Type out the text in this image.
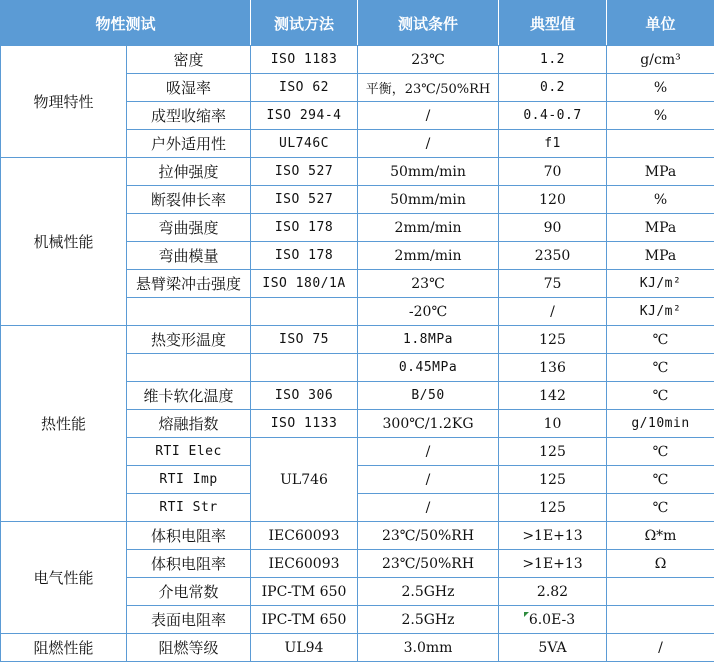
物性测试		测试方法	测试条件	典型值	单位
物理特性	密度	ISO 1183	23℃	1.2	g/cm³
	吸湿率	ISO 62	平衡，23℃/50%RH	0.2	%
	成型收缩率	ISO 294-4	/	0.4-0.7	%
	户外适用性	UL746C	/	f1	
机械性能	拉伸强度	ISO 527	50mm/min	70	MPa
	断裂伸长率	ISO 527	50mm/min	120	%
	弯曲强度	ISO 178	2mm/min	90	MPa
	弯曲模量	ISO 178	2mm/min	2350	MPa
	悬臂梁冲击强度	ISO 180/1A	23℃	75	KJ/m²
			-20℃	/	KJ/m²
热性能	热变形温度	ISO 75	1.8MPa	125	℃
			0.45MPa	136	℃
	维卡软化温度	ISO 306	B/50	142	℃
	熔融指数	ISO 1133	300℃/1.2KG	10	g/10min
	RTI Elec	UL746	/	125	℃
	RTI Imp		/	125	℃
	RTI Str		/	125	℃
电气性能	体积电阻率	IEC60093	23℃/50%RH	>1E+13	Ω*m
	体积电阻率	IEC60093	23℃/50%RH	>1E+13	Ω
	介电常数	IPC-TM 650	2.5GHz	2.82	
	表面电阻率	IPC-TM 650	2.5GHz	6.0E-3	
阻燃性能	阻燃等级	UL94	3.0mm	5VA	/
